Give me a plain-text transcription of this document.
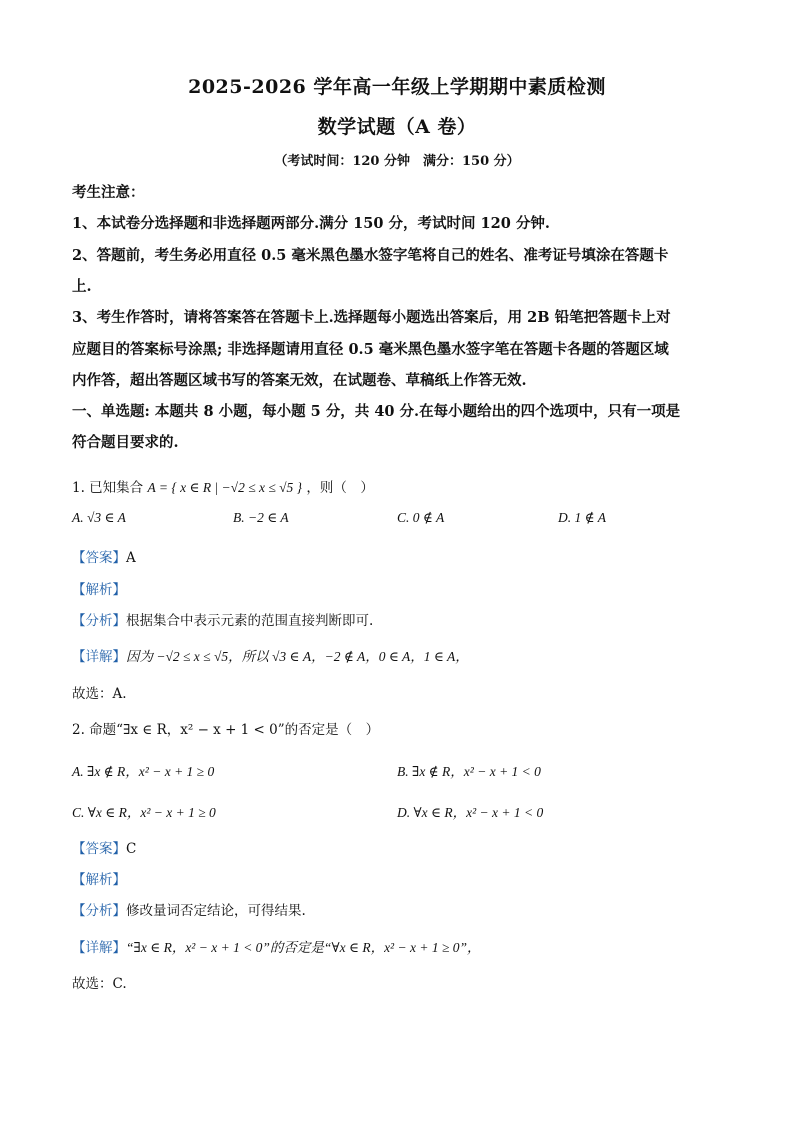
2025-2026 学年高一年级上学期期中素质检测
数学试题（A 卷）
（考试时间：120 分钟　满分：150 分）
考生注意：
1、本试卷分选择题和非选择题两部分.满分 150 分，考试时间 120 分钟.
2、答题前，考生务必用直径 0.5 毫米黑色墨水签字笔将自己的姓名、准考证号填涂在答题卡
上.
3、考生作答时，请将答案答在答题卡上.选择题每小题选出答案后，用 2B 铅笔把答题卡上对
应题目的答案标号涂黑; 非选择题请用直径 0.5 毫米黑色墨水签字笔在答题卡各题的答题区域
内作答，超出答题区域书写的答案无效，在试题卷、草稿纸上作答无效.
一、单选题: 本题共 8 小题，每小题 5 分，共 40 分.在每小题给出的四个选项中，只有一项是
符合题目要求的.
1. 已知集合 A = { x ∈ R | −√2 ≤ x ≤ √5 } ，则（　）
A. √3 ∈ A	B. −2 ∈ A	C. 0 ∉ A	D. 1 ∉ A
【答案】A
【解析】
【分析】根据集合中表示元素的范围直接判断即可.
【详解】因为 −√2 ≤ x ≤ √5，所以 √3 ∈ A，−2 ∉ A，0 ∈ A，1 ∈ A，
故选：A.
2. 命题“∃x ∈ R，x² − x + 1 < 0”的否定是（　）
A. ∃x ∉ R，x² − x + 1 ≥ 0	B. ∃x ∉ R，x² − x + 1 < 0
C. ∀x ∈ R，x² − x + 1 ≥ 0	D. ∀x ∈ R，x² − x + 1 < 0
【答案】C
【解析】
【分析】修改量词否定结论，可得结果.
【详解】“∃x ∈ R，x² − x + 1 < 0”的否定是“∀x ∈ R，x² − x + 1 ≥ 0”，
故选：C.
